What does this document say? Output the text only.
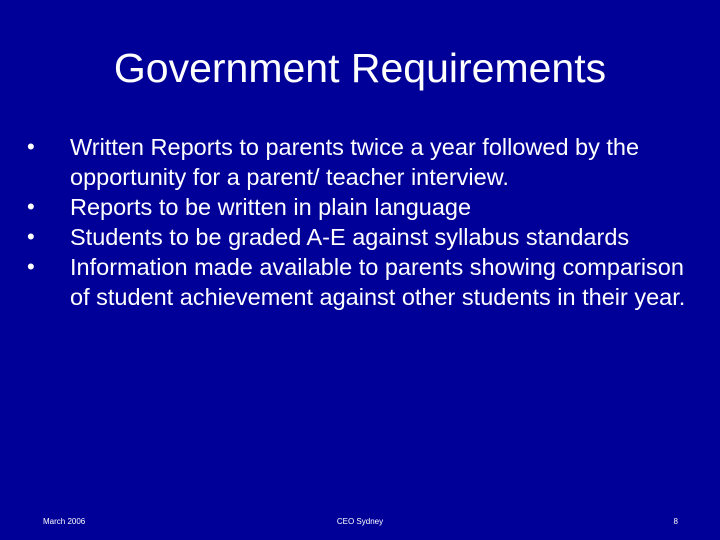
Government Requirements
•	Written Reports to parents twice a year followed by the opportunity for a parent/ teacher interview.
•	Reports to be written in plain language
•	Students to be graded A-E against syllabus standards
•	Information made available to parents showing comparison of student achievement against other students in their year.
March 2006	CEO Sydney	8
